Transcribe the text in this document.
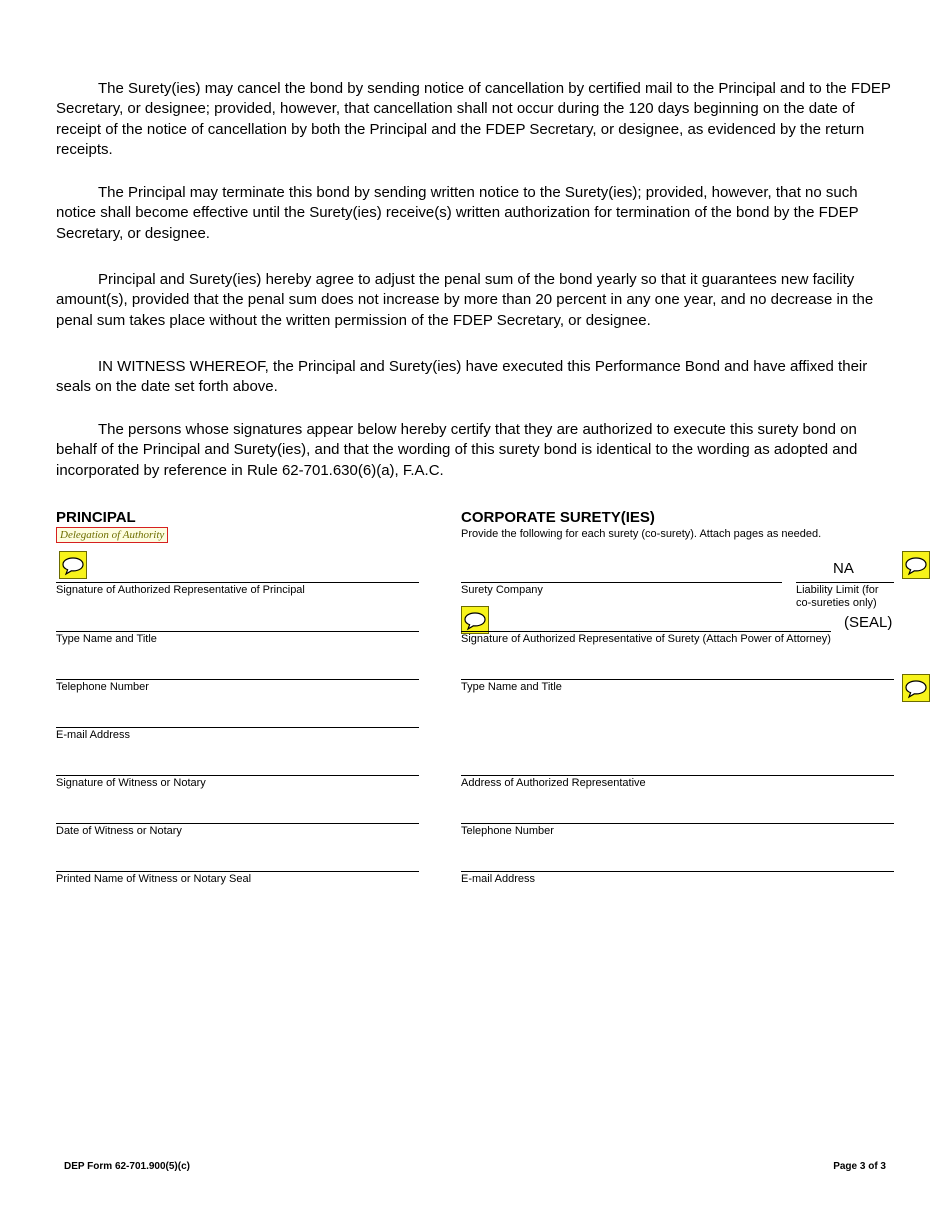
The Surety(ies) may cancel the bond by sending notice of cancellation by certified mail to the Principal and to the FDEP Secretary, or designee; provided, however, that cancellation shall not occur during the 120 days beginning on the date of receipt of the notice of cancellation by both the Principal and the FDEP Secretary, or designee, as evidenced by the return receipts.

The Principal may terminate this bond by sending written notice to the Surety(ies); provided, however, that no such notice shall become effective until the Surety(ies) receive(s) written authorization for termination of the bond by the FDEP Secretary, or designee.

Principal and Surety(ies) hereby agree to adjust the penal sum of the bond yearly so that it guarantees new facility amount(s), provided that the penal sum does not increase by more than 20 percent in any one year, and no decrease in the penal sum takes place without the written permission of the FDEP Secretary, or designee.

IN WITNESS WHEREOF, the Principal and Surety(ies) have executed this Performance Bond and have affixed their seals on the date set forth above.

The persons whose signatures appear below hereby certify that they are authorized to execute this surety bond on behalf of the Principal and Surety(ies), and that the wording of this surety bond is identical to the wording as adopted and incorporated by reference in Rule 62-701.630(6)(a), F.A.C.

PRINCIPAL
Delegation of Authority
Signature of Authorized Representative of Principal
Type Name and Title
Telephone Number
E-mail Address
Signature of Witness or Notary
Date of Witness or Notary
Printed Name of Witness or Notary Seal
CORPORATE SURETY(IES)
Provide the following for each surety (co-surety). Attach pages as needed.
NA
Surety Company	Liability Limit (for co-sureties only)
(SEAL)
Signature of Authorized Representative of Surety (Attach Power of Attorney)
Type Name and Title
Address of Authorized Representative
Telephone Number
E-mail Address
DEP Form 62-701.900(5)(c)	Page 3 of 3
